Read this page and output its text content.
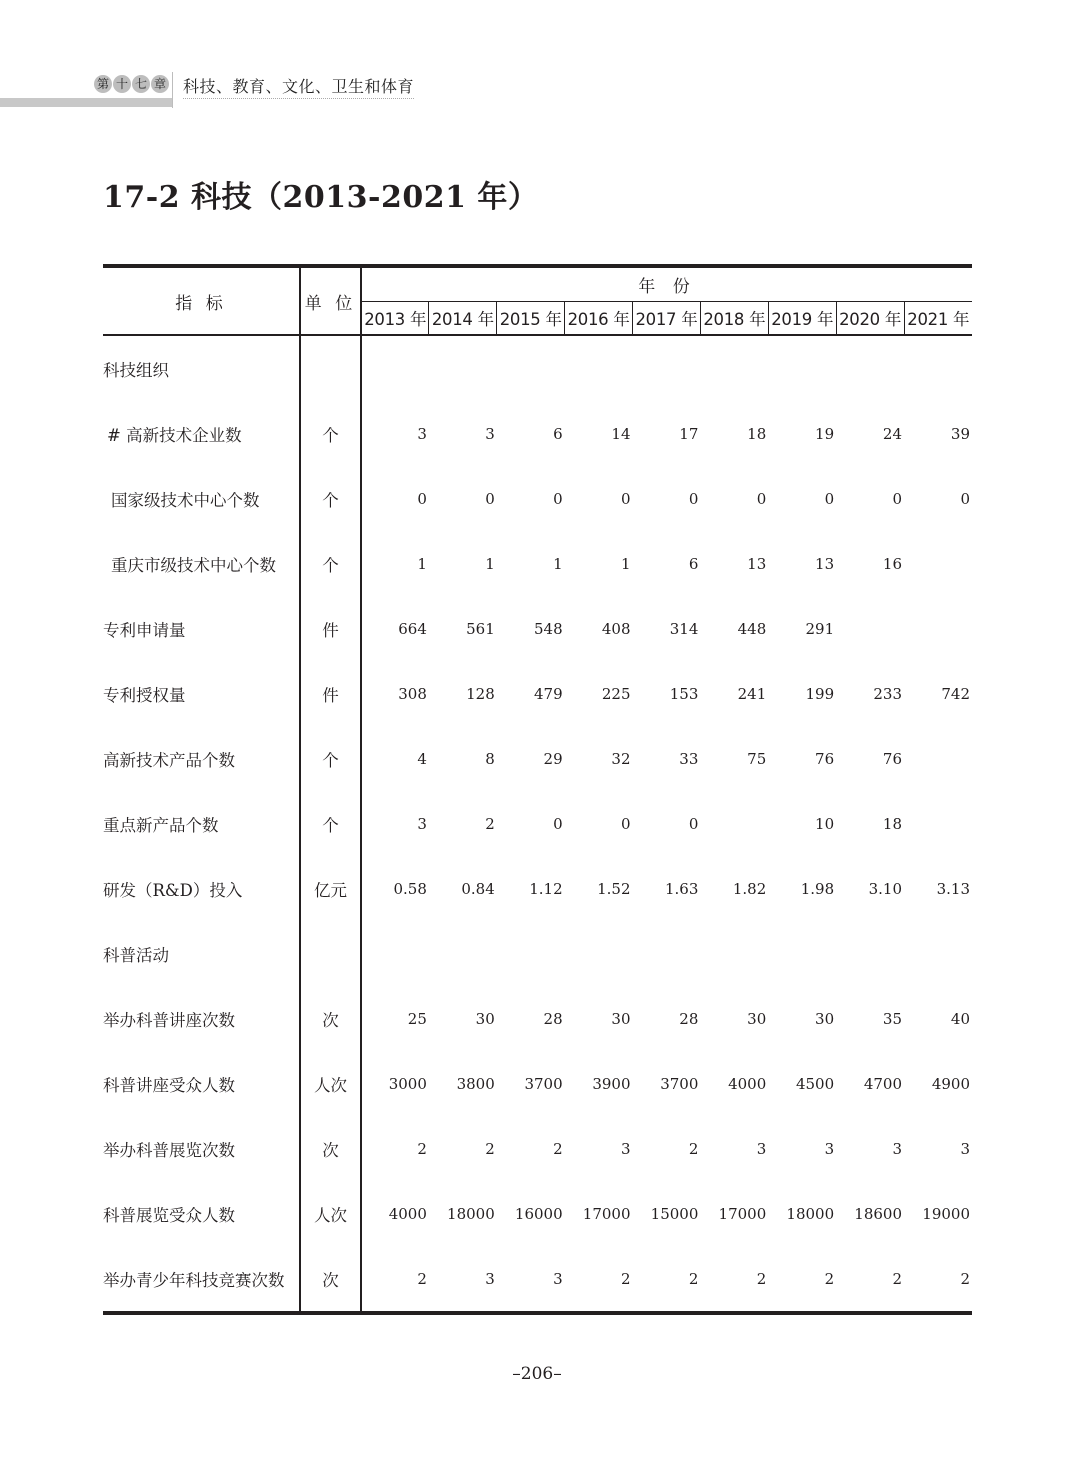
第 十 七 章 科技、教育、文化、卫生和体育
17-2 科技（2013-2021 年）
指 标	单 位	年 份								
		2013 年	2014 年	2015 年	2016 年	2017 年	2018 年	2019 年	2020 年	2021 年
科技组织										
# 高新技术企业数	个	3	3	6	14	17	18	19	24	39
国家级技术中心个数	个	0	0	0	0	0	0	0	0	0
重庆市级技术中心个数	个	1	1	1	1	6	13	13	16	
专利申请量	件	664	561	548	408	314	448	291		
专利授权量	件	308	128	479	225	153	241	199	233	742
高新技术产品个数	个	4	8	29	32	33	75	76	76	
重点新产品个数	个	3	2	0	0	0		10	18	
研发（R&D）投入	亿元	0.58	0.84	1.12	1.52	1.63	1.82	1.98	3.10	3.13
科普活动										
举办科普讲座次数	次	25	30	28	30	28	30	30	35	40
科普讲座受众人数	人次	3000	3800	3700	3900	3700	4000	4500	4700	4900
举办科普展览次数	次	2	2	2	3	2	3	3	3	3
科普展览受众人数	人次	4000	18000	16000	17000	15000	17000	18000	18600	19000
举办青少年科技竞赛次数	次	2	3	3	2	2	2	2	2	2
–206–
